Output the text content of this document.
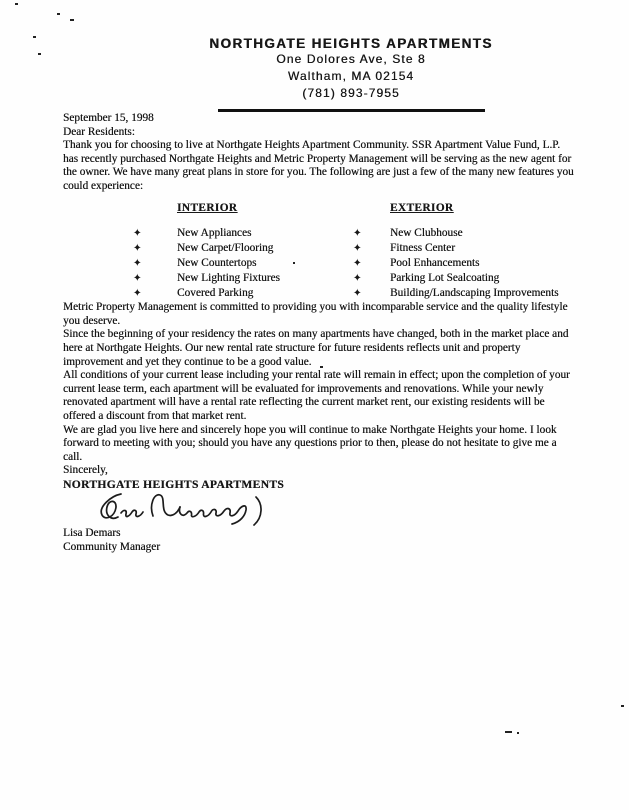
NORTHGATE HEIGHTS APARTMENTS
One Dolores Ave, Ste 8
Waltham, MA 02154
(781) 893-7955

September 15, 1998

Dear Residents:

Thank you for choosing to live at Northgate Heights Apartment Community. SSR Apartment Value Fund, L.P. has recently purchased Northgate Heights and Metric Property Management will be serving as the new agent for the owner. We have many great plans in store for you. The following are just a few of the many new features you could experience:

INTERIOR
✦	New Appliances
✦	New Carpet/Flooring
✦	New Countertops
✦	New Lighting Fixtures
✦	Covered Parking
EXTERIOR
✦	New Clubhouse
✦	Fitness Center
✦	Pool Enhancements
✦	Parking Lot Sealcoating
✦	Building/Landscaping Improvements

Metric Property Management is committed to providing you with incomparable service and the quality lifestyle you deserve.

Since the beginning of your residency the rates on many apartments have changed, both in the market place and here at Northgate Heights. Our new rental rate structure for future residents reflects unit and property improvement and yet they continue to be a good value.

All conditions of your current lease including your rental rate will remain in effect; upon the completion of your current lease term, each apartment will be evaluated for improvements and renovations. While your newly renovated apartment will have a rental rate reflecting the current market rent, our existing residents will be offered a discount from that market rent.

We are glad you live here and sincerely hope you will continue to make Northgate Heights your home. I look forward to meeting with you; should you have any questions prior to then, please do not hesitate to give me a call.

Sincerely,

NORTHGATE HEIGHTS APARTMENTS

Lisa Demars

Community Manager
